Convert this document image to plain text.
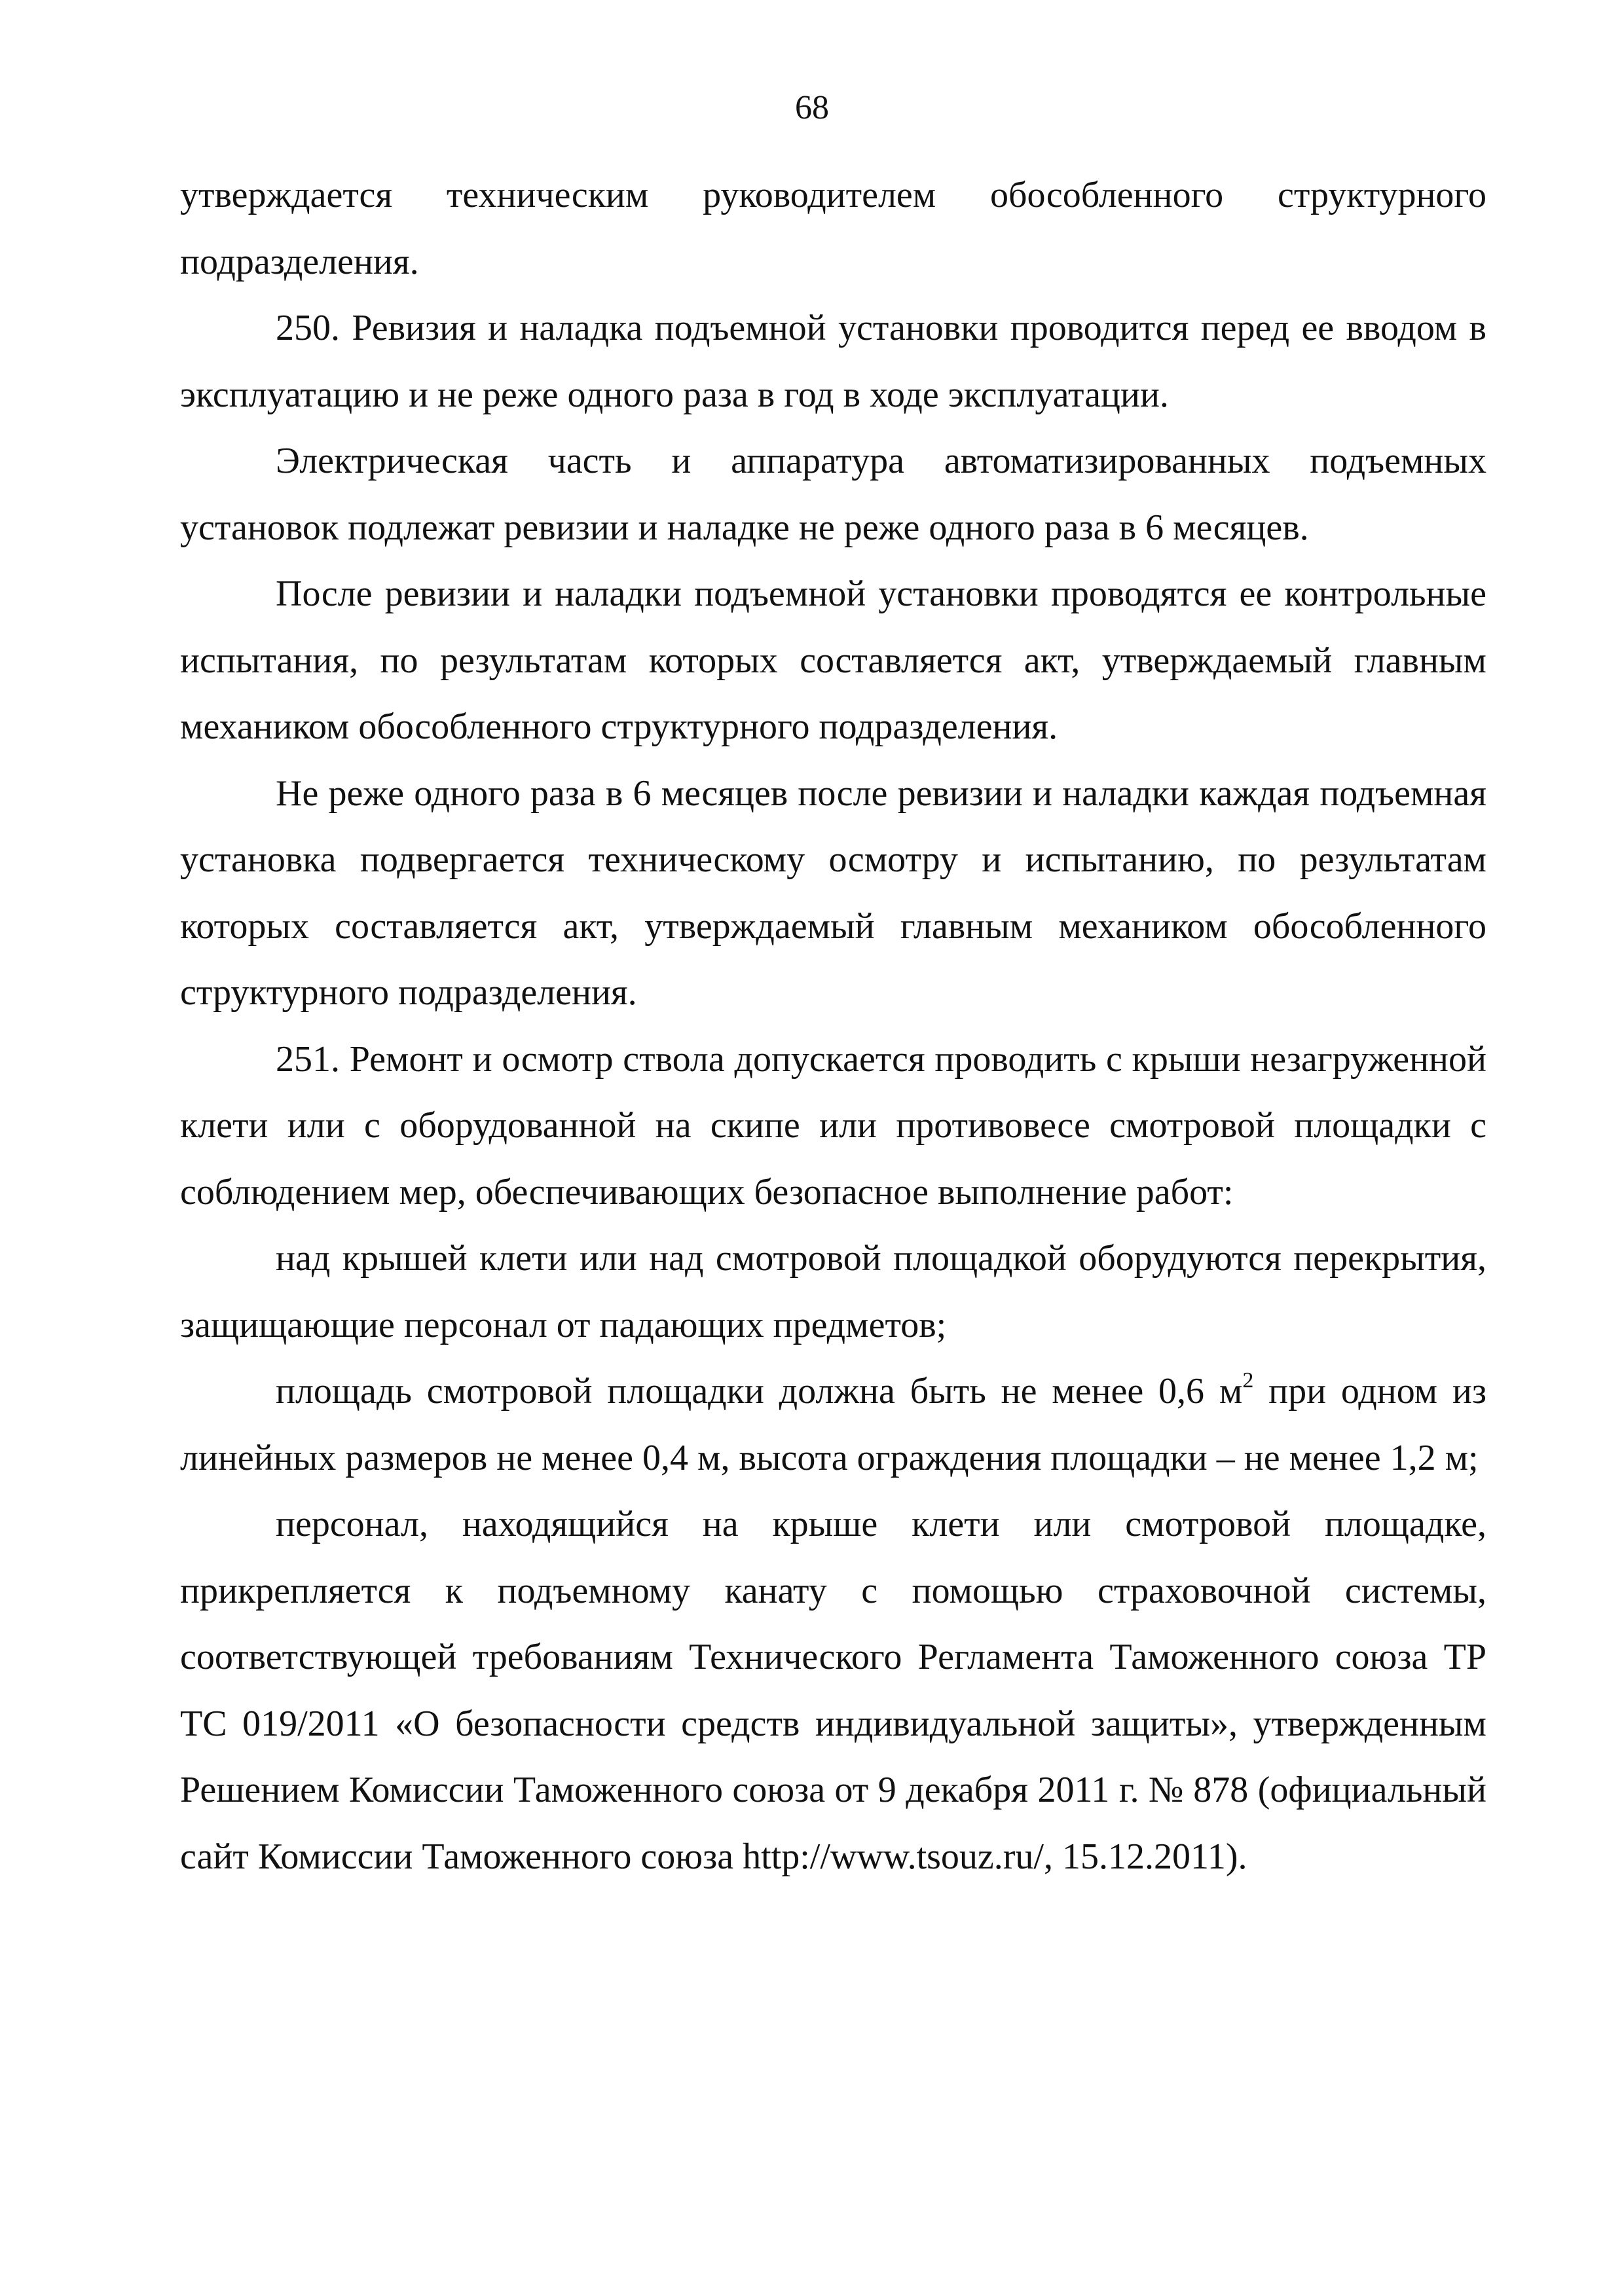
68

утверждается техническим руководителем обособленного структурного подразделения.

250. Ревизия и наладка подъемной установки проводится перед ее вводом в эксплуатацию и не реже одного раза в год в ходе эксплуатации.

Электрическая часть и аппаратура автоматизированных подъемных установок подлежат ревизии и наладке не реже одного раза в 6 месяцев.

После ревизии и наладки подъемной установки проводятся ее контрольные испытания, по результатам которых составляется акт, утверждаемый главным механиком обособленного структурного подразделения.

Не реже одного раза в 6 месяцев после ревизии и наладки каждая подъемная установка подвергается техническому осмотру и испытанию, по результатам которых составляется акт, утверждаемый главным механиком обособленного структурного подразделения.

251. Ремонт и осмотр ствола допускается проводить с крыши незагруженной клети или с оборудованной на скипе или противовесе смотровой площадки с соблюдением мер, обеспечивающих безопасное выполнение работ:

над крышей клети или над смотровой площадкой оборудуются перекрытия, защищающие персонал от падающих предметов;

площадь смотровой площадки должна быть не менее 0,6 $м^2$ при одном из линейных размеров не менее 0,4 м, высота ограждения площадки – не менее 1,2 м;

персонал, находящийся на крыше клети или смотровой площадке, прикрепляется к подъемному канату с помощью страховочной системы, соответствующей требованиям Технического Регламента Таможенного союза ТР ТС 019/2011 «О безопасности средств индивидуальной защиты», утвержденным Решением Комиссии Таможенного союза от 9 декабря 2011 г. № 878 (официальный сайт Комиссии Таможенного союза http://www.tsouz.ru/, 15.12.2011).
